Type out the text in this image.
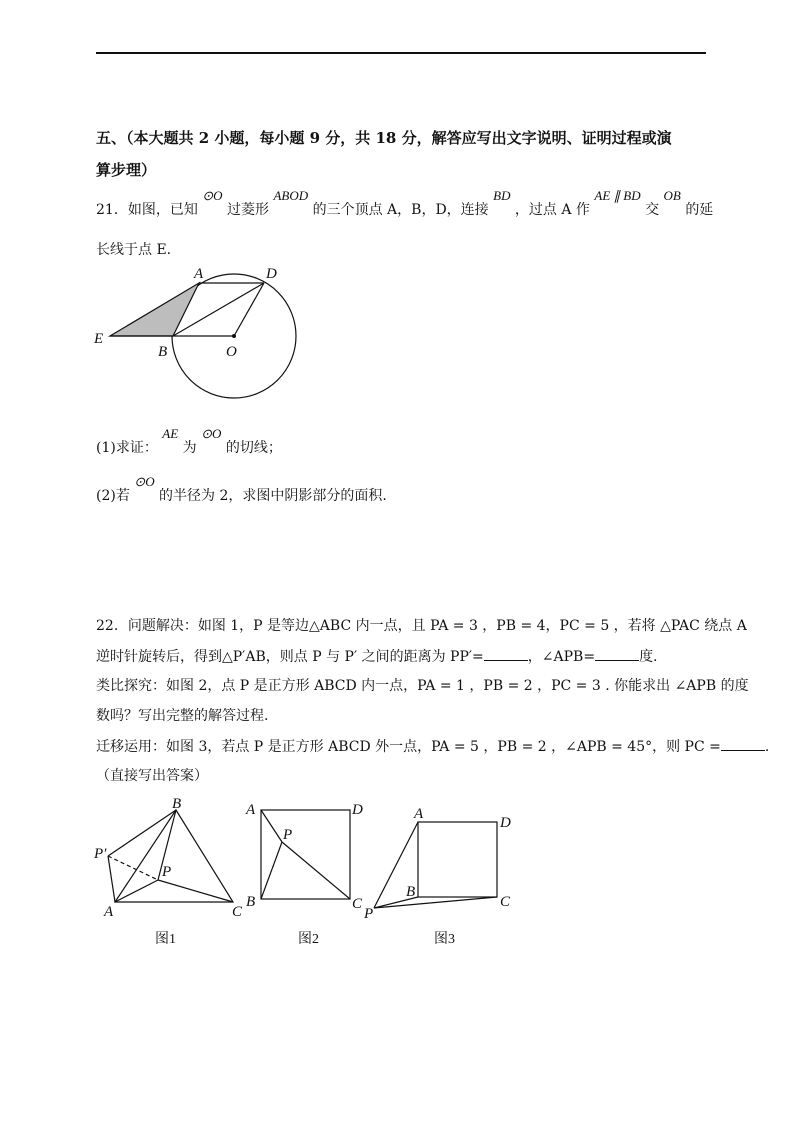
五、（本大题共 2 小题，每小题 9 分，共 18 分，解答应写出文字说明、证明过程或演
算步理）
21．如图，已知 ⊙O 过菱形 ABOD 的三个顶点 A，B，D，连接 BD ，过点 A 作 AE ∥ BD 交 OB 的延
长线于点 E.
A	D
E
B	O
(1)求证： AE 为 ⊙O 的切线；
(2)若 ⊙O 的半径为 2，求图中阴影部分的面积.
22．问题解决：如图 1，P 是等边△ABC 内一点，且 PA = 3 ，PB = 4，PC = 5 ，若将 △PAC 绕点 A
逆时针旋转后，得到△P′AB，则点 P 与 P′ 之间的距离为 PP′=	，∠APB=	度.
类比探究：如图 2，点 P 是正方形 ABCD 内一点，PA = 1 ，PB = 2 ，PC = 3 . 你能求出 ∠APB 的度
数吗？写出完整的解答过程.
迁移运用：如图 3，若点 P 是正方形 ABCD 外一点，PA = 5 ，PB = 2 ，∠APB = 45°，则 PC =	.
（直接写出答案）
B
P′
P
A	C
图1
A	D
P
B	C
图2
A
D
B
C
P
图3
